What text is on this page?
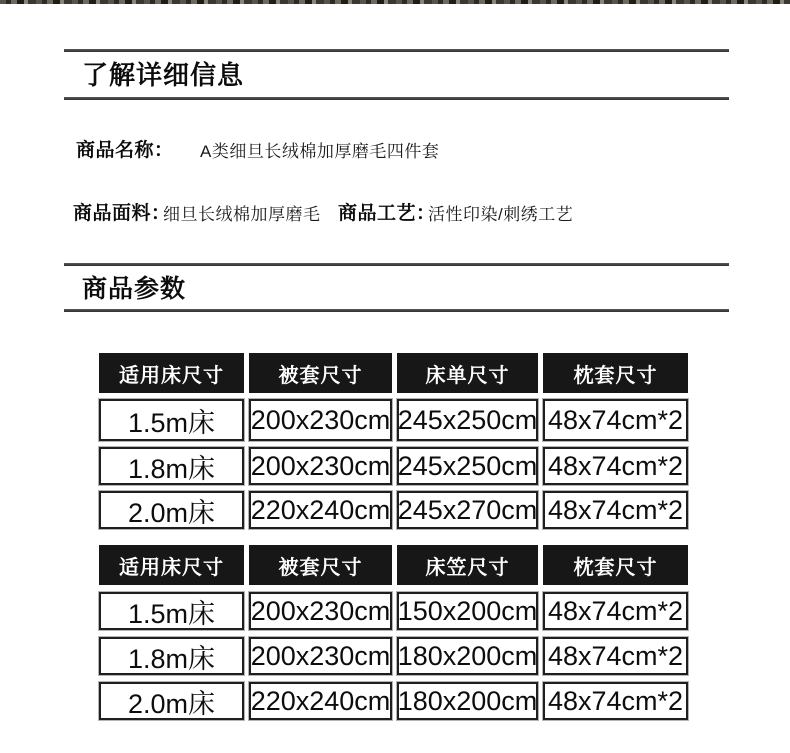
了解详细信息
商品名称： A类细旦长绒棉加厚磨毛四件套
商品面料：
细旦长绒棉加厚磨毛 商品工艺：
活性印染/刺绣工艺
商品参数
适用床尺寸	被套尺寸	床单尺寸	枕套尺寸
1.5m床	200x230cm 245x250cm 48x74cm*2
1.8m床	200x230cm 245x250cm 48x74cm*2
2.0m床	220x240cm 245x270cm 48x74cm*2
适用床尺寸	被套尺寸	床笠尺寸	枕套尺寸
1.5m床	200x230cm 150x200cm 48x74cm*2
1.8m床	200x230cm 180x200cm 48x74cm*2
2.0m床	220x240cm 180x200cm 48x74cm*2
